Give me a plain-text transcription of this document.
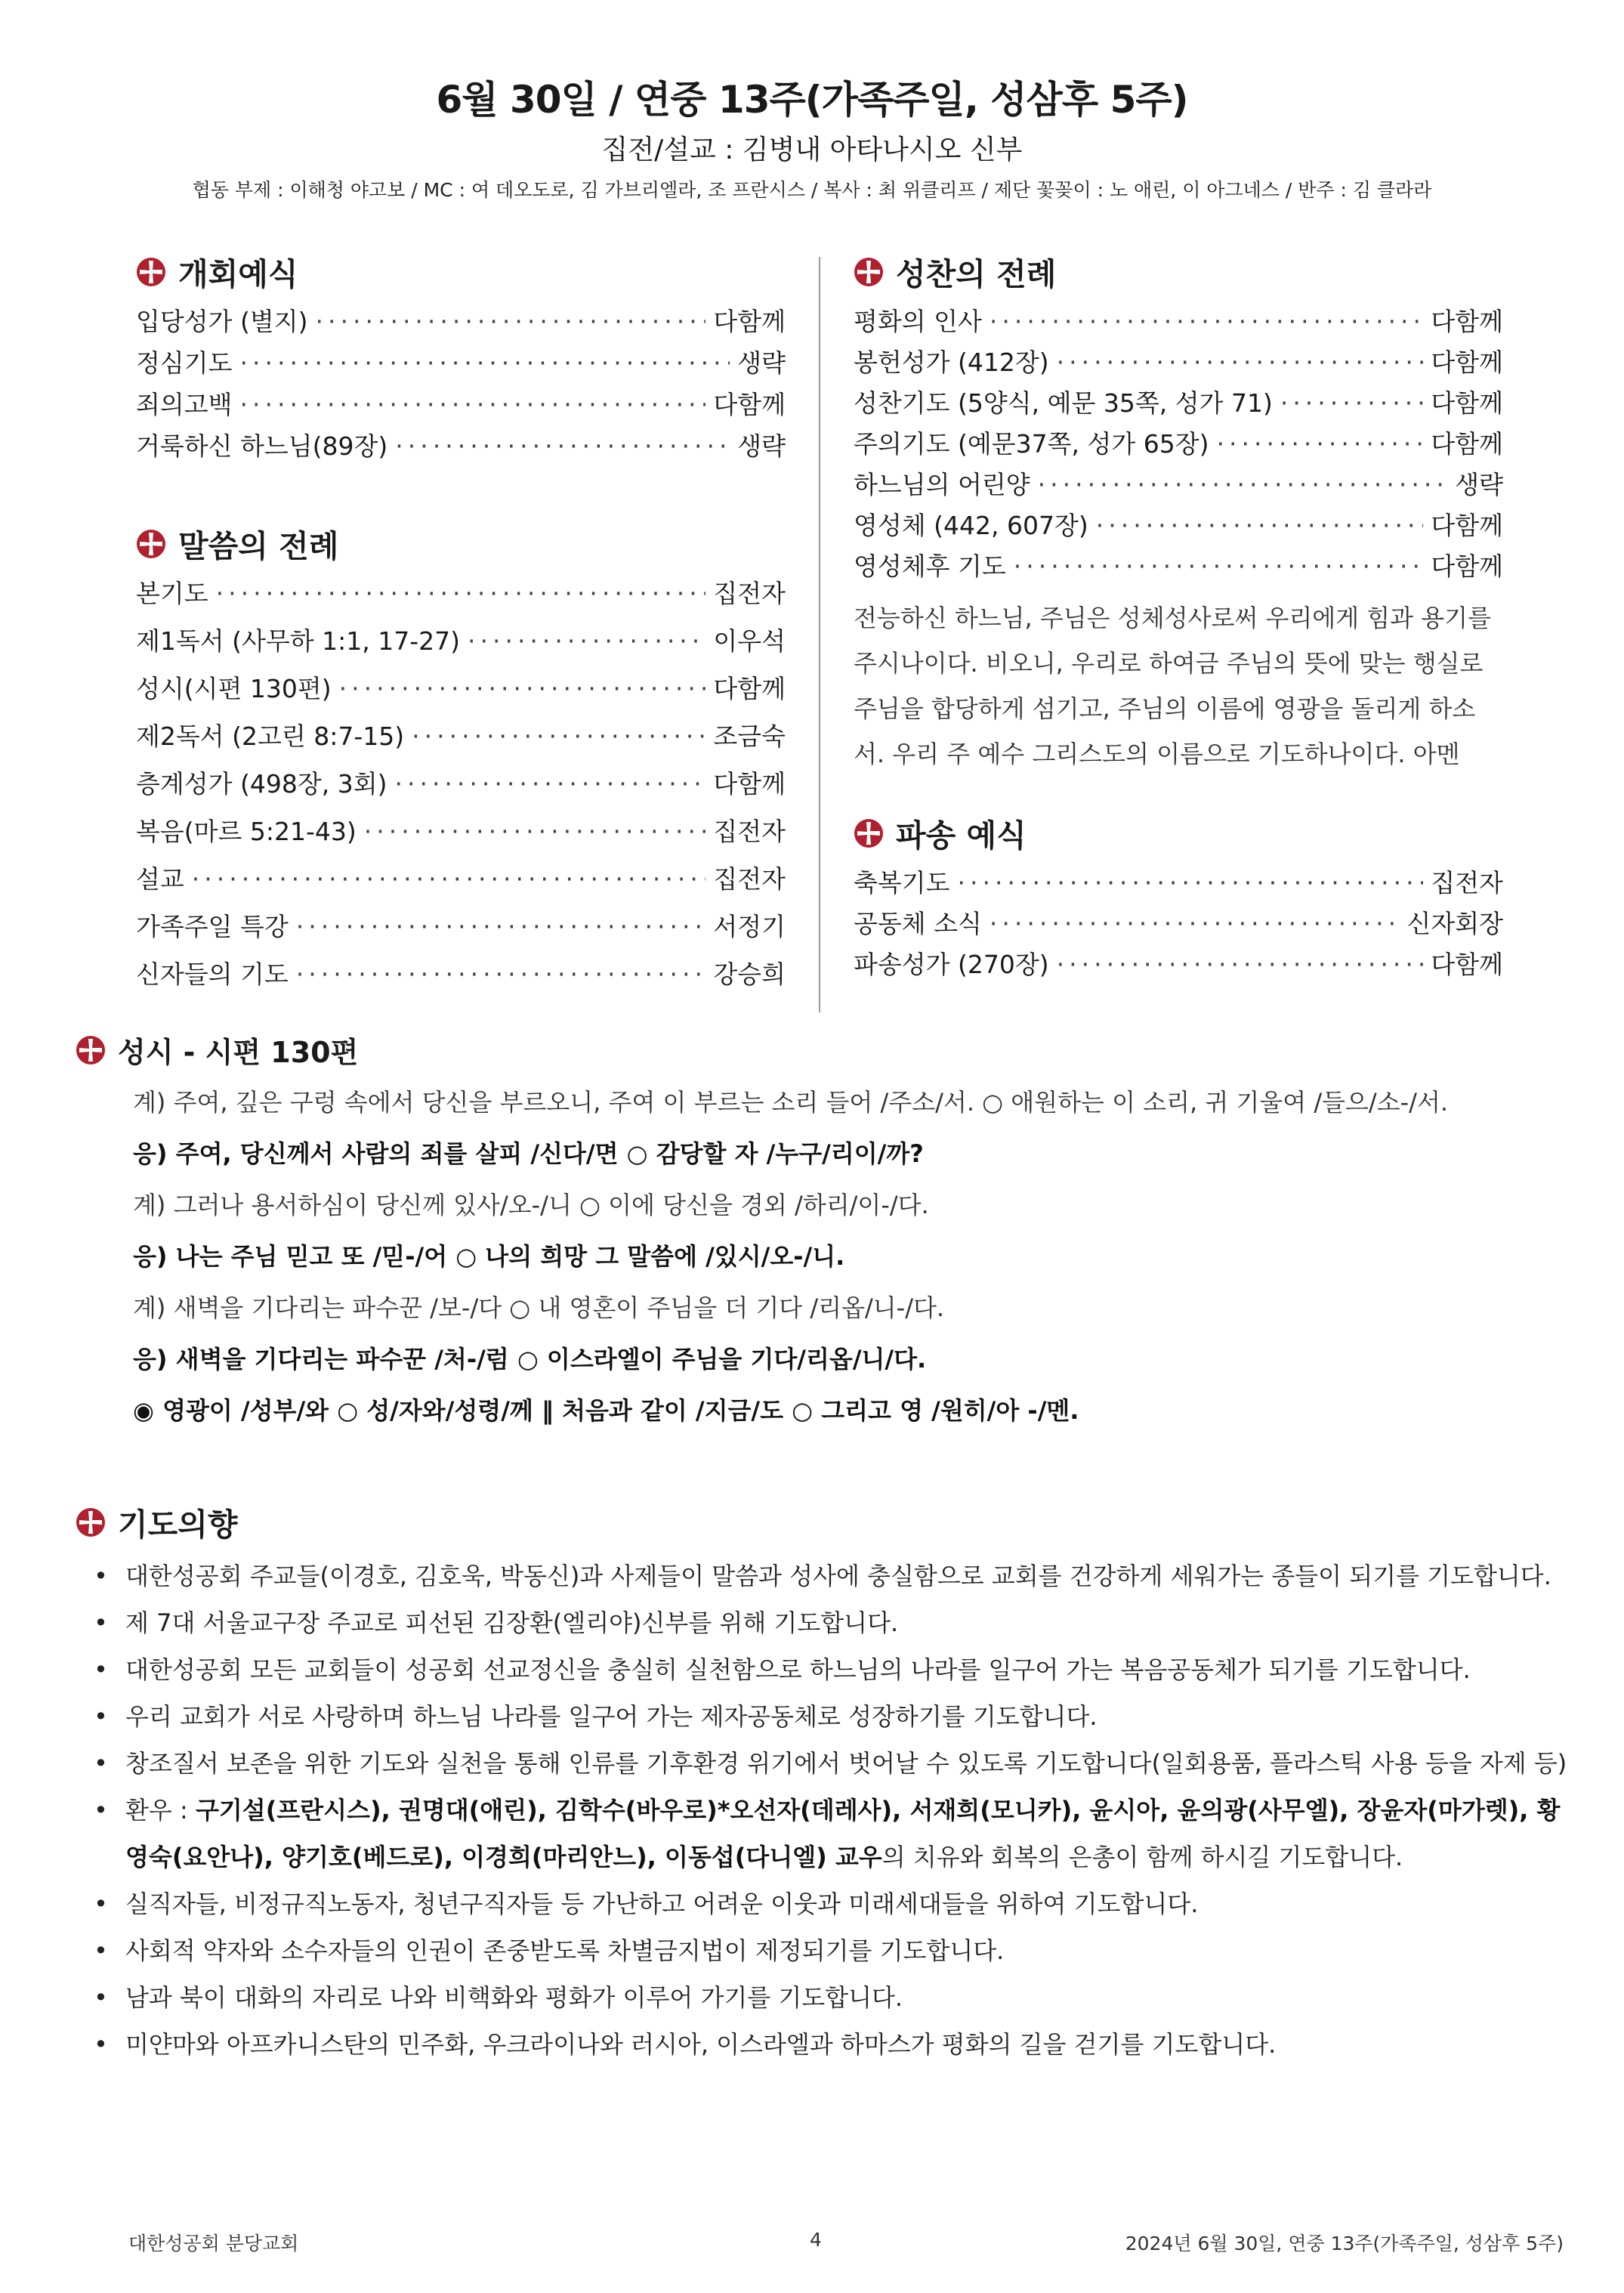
6월 30일 / 연중 13주(가족주일, 성삼후 5주)
집전/설교 : 김병내 아타나시오 신부
협동 부제 : 이해청 야고보 / MC : 여 데오도로, 김 가브리엘라, 조 프란시스 / 복사 : 최 위클리프 / 제단 꽃꽂이 : 노 애린, 이 아그네스 / 반주 : 김 클라라
개회예식
입당성가 (별지) ·····	다함께
정심기도 ·····	생략
죄의고백 ·····	다함께
거룩하신 하느님(89장) ·····	생략
말씀의 전례
본기도 ·····	집전자
제1독서 (사무하 1:1, 17-27) ·····	이우석
성시(시편 130편) ·····	다함께
제2독서 (2고린 8:7-15) ·····	조금숙
층계성가 (498장, 3회) ·····	다함께
복음(마르 5:21-43) ·····	집전자
설교 ·····	집전자
가족주일 특강 ·····	서정기
신자들의 기도 ·····	강승희
성찬의 전례
평화의 인사 ·····	다함께
봉헌성가 (412장) ·····	다함께
성찬기도 (5양식, 예문 35쪽, 성가 71) ·····	다함께
주의기도 (예문37쪽, 성가 65장) ·····	다함께
하느님의 어린양 ·····	생략
영성체 (442, 607장) ·····	다함께
영성체후 기도 ·····	다함께
전능하신 하느님, 주님은 성체성사로써 우리에게 힘과 용기를 주시나이다. 비오니, 우리로 하여금 주님의 뜻에 맞는 행실로 주님을 합당하게 섬기고, 주님의 이름에 영광을 돌리게 하소서. 우리 주 예수 그리스도의 이름으로 기도하나이다. 아멘
파송 예식
축복기도 ·····	집전자
공동체 소식 ·····	신자회장
파송성가 (270장) ·····	다함께
성시 - 시편 130편
계) 주여, 깊은 구렁 속에서 당신을 부르오니, 주여 이 부르는 소리 들어 /주소/서. ○ 애원하는 이 소리, 귀 기울여 /들으/소-/서.
응) 주여, 당신께서 사람의 죄를 살피 /신다/면 ○ 감당할 자 /누구/리이/까?
계) 그러나 용서하심이 당신께 있사/오-/니 ○ 이에 당신을 경외 /하리/이-/다.
응) 나는 주님 믿고 또 /믿-/어 ○ 나의 희망 그 말씀에 /있시/오-/니.
계) 새벽을 기다리는 파수꾼 /보-/다 ○ 내 영혼이 주님을 더 기다 /리옵/니-/다.
응) 새벽을 기다리는 파수꾼 /처-/럼 ○ 이스라엘이 주님을 기다/리옵/니/다.
◉ 영광이 /성부/와 ○ 성/자와/성령/께 ‖ 처음과 같이 /지금/도 ○ 그리고 영 /원히/아 -/멘.
기도의향
• 대한성공회 주교들(이경호, 김호욱, 박동신)과 사제들이 말씀과 성사에 충실함으로 교회를 건강하게 세워가는 종들이 되기를 기도합니다.
• 제 7대 서울교구장 주교로 피선된 김장환(엘리야)신부를 위해 기도합니다.
• 대한성공회 모든 교회들이 성공회 선교정신을 충실히 실천함으로 하느님의 나라를 일구어 가는 복음공동체가 되기를 기도합니다.
• 우리 교회가 서로 사랑하며 하느님 나라를 일구어 가는 제자공동체로 성장하기를 기도합니다.
• 창조질서 보존을 위한 기도와 실천을 통해 인류를 기후환경 위기에서 벗어날 수 있도록 기도합니다(일회용품, 플라스틱 사용 등을 자제 등)
• 환우 : 구기설(프란시스), 권명대(애린), 김학수(바우로)*오선자(데레사), 서재희(모니카), 윤시아, 윤의광(사무엘), 장윤자(마가렛), 황영숙(요안나), 양기호(베드로), 이경희(마리안느), 이동섭(다니엘) 교우의 치유와 회복의 은총이 함께 하시길 기도합니다.
• 실직자들, 비정규직노동자, 청년구직자들 등 가난하고 어려운 이웃과 미래세대들을 위하여 기도합니다.
• 사회적 약자와 소수자들의 인권이 존중받도록 차별금지법이 제정되기를 기도합니다.
• 남과 북이 대화의 자리로 나와 비핵화와 평화가 이루어 가기를 기도합니다.
• 미얀마와 아프카니스탄의 민주화, 우크라이나와 러시아, 이스라엘과 하마스가 평화의 길을 걷기를 기도합니다.
대한성공회 분당교회	4	2024년 6월 30일, 연중 13주(가족주일, 성삼후 5주)
